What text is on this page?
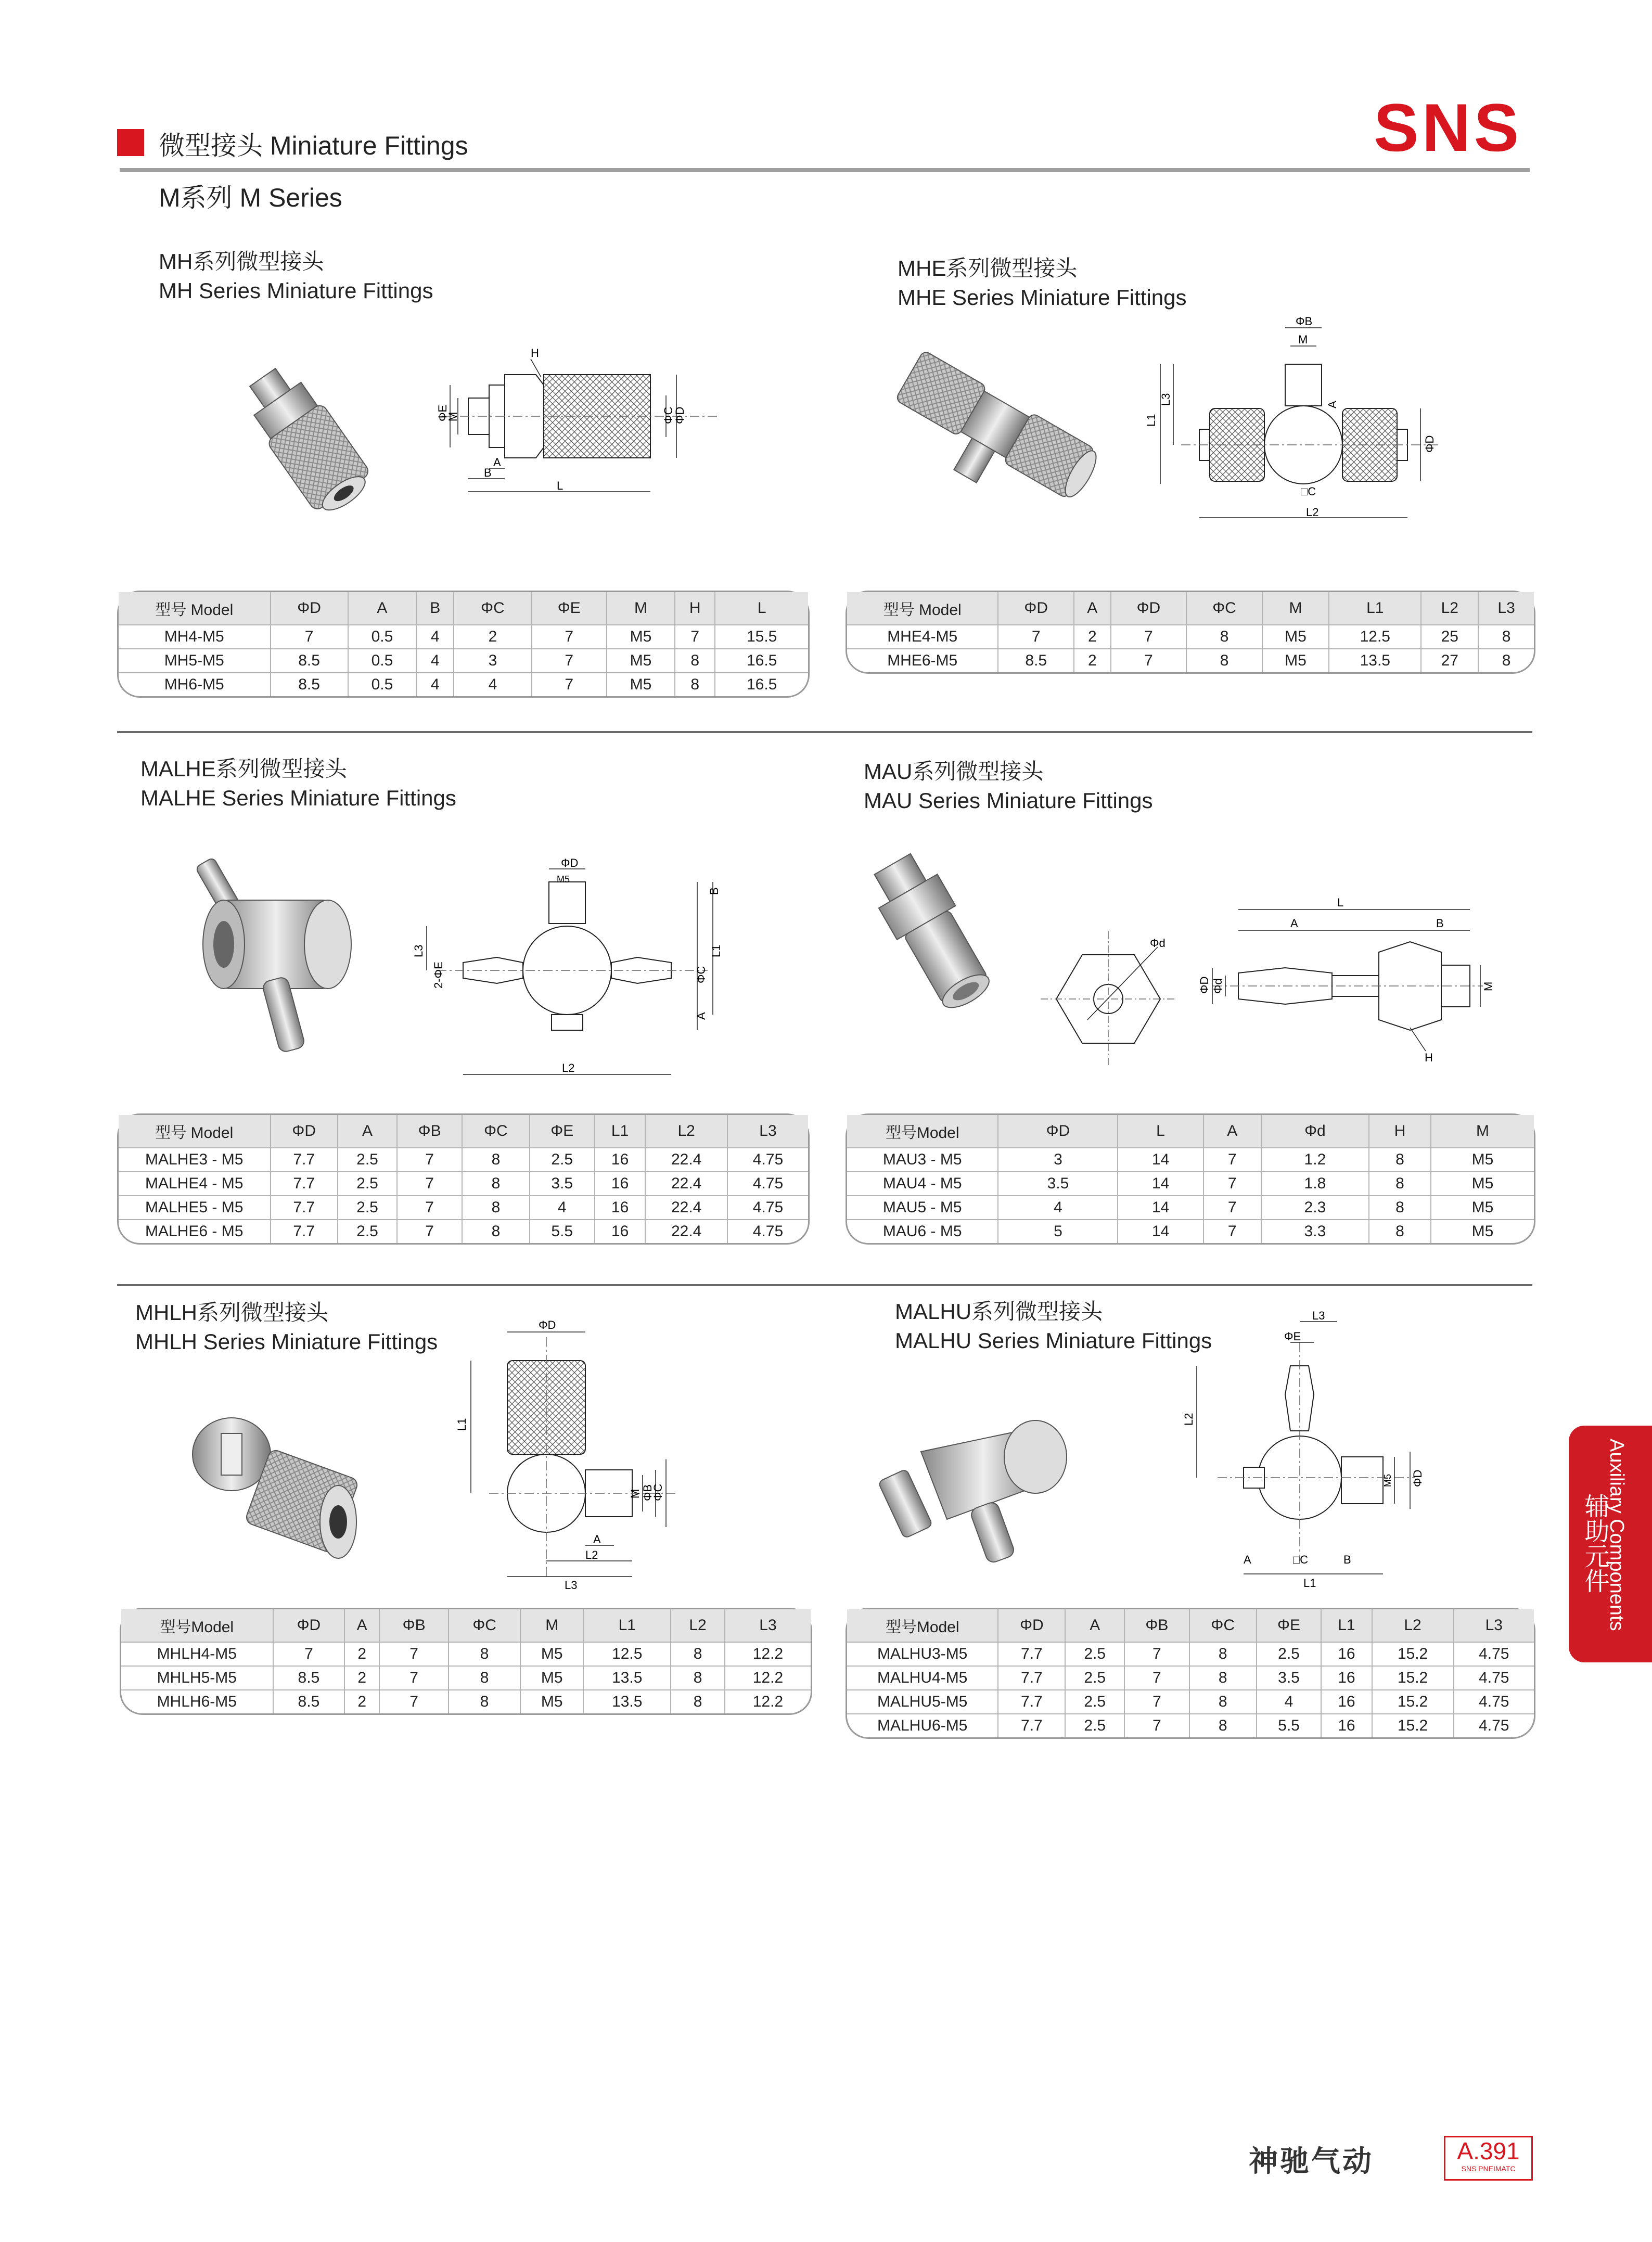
微型接头 Miniature Fittings
M系列 M Series
SNS
MH系列微型接头
MH Series Miniature Fittings
ΦE
M
H
ΦC
ΦD
A
B
L
型号 Model	ΦD	A	B	ΦC	ΦE	M	H	L
MH4-M5	7	0.5	4	2	7	M5	7	15.5
MH5-M5	8.5	0.5	4	3	7	M5	8	16.5
MH6-M5	8.5	0.5	4	4	7	M5	8	16.5
MHE系列微型接头
MHE Series Miniature Fittings
ΦB
M
L3
L1
A
□C
L2
ΦD
型号 Model	ΦD	A	ΦD	ΦC	M	L1	L2	L3
MHE4-M5	7	2	7	8	M5	12.5	25	8
MHE6-M5	8.5	2	7	8	M5	13.5	27	8
MALHE系列微型接头
MALHE Series Miniature Fittings
ΦD
M5
L3
2-ΦE
B
L1
ΦC
A
L2
型号 Model	ΦD	A	ΦB	ΦC	ΦE	L1	L2	L3
MALHE3 - M5	7.7	2.5	7	8	2.5	16	22.4	4.75
MALHE4 - M5	7.7	2.5	7	8	3.5	16	22.4	4.75
MALHE5 - M5	7.7	2.5	7	8	4	16	22.4	4.75
MALHE6 - M5	7.7	2.5	7	8	5.5	16	22.4	4.75
MAU系列微型接头
MAU Series Miniature Fittings
Φd
L
A	B
ΦD Φd	M
H
型号Model	ΦD	L	A	Φd	H	M
MAU3 - M5	3	14	7	1.2	8	M5
MAU4 - M5	3.5	14	7	1.8	8	M5
MAU5 - M5	4	14	7	2.3	8	M5
MAU6 - M5	5	14	7	3.3	8	M5
MHLH系列微型接头
MHLH Series Miniature Fittings
ΦD
L1
M ΦB
ΦC
A
L2
L3
型号Model	ΦD	A	ΦB	ΦC	M	L1	L2	L3
MHLH4-M5	7	2	7	8	M5	12.5	8	12.2
MHLH5-M5	8.5	2	7	8	M5	13.5	8	12.2
MHLH6-M5	8.5	2	7	8	M5	13.5	8	12.2
MALHU系列微型接头
MALHU Series Miniature Fittings
L3
ΦE
L2
M5 ΦD
A	□C	B
L1
型号Model	ΦD	A	ΦB	ΦC	ΦE	L1	L2	L3
MALHU3-M5	7.7	2.5	7	8	2.5	16	15.2	4.75
MALHU4-M5	7.7	2.5	7	8	3.5	16	15.2	4.75
MALHU5-M5	7.7	2.5	7	8	4	16	15.2	4.75
MALHU6-M5	7.7	2.5	7	8	5.5	16	15.2	4.75
Auxiliary Components
辅助元件
神驰气动	A.391
SNS PNEIMATC
